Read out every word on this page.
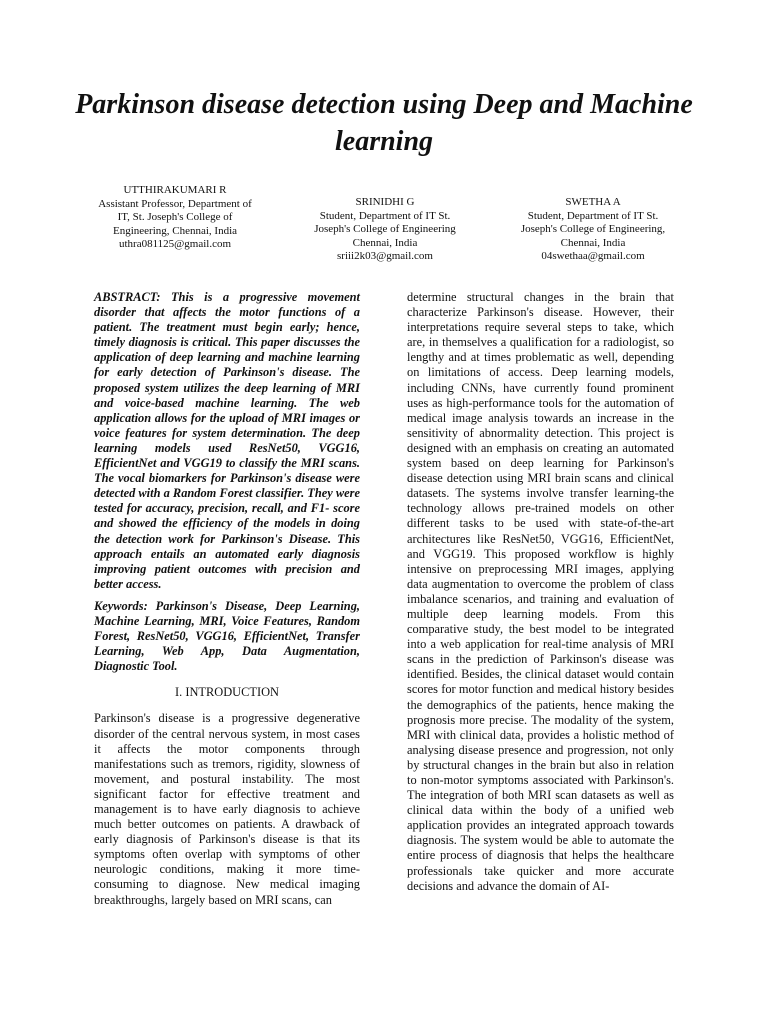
Parkinson disease detection using Deep and Machine learning
UTTHIRAKUMARI R
Assistant Professor, Department of
IT, St. Joseph's College of
Engineering, Chennai, India
uthra081125@gmail.com
SRINIDHI G
Student, Department of IT St.
Joseph's College of Engineering
Chennai, India
sriii2k03@gmail.com
SWETHA A
Student, Department of IT St.
Joseph's College of Engineering,
Chennai, India
04swethaa@gmail.com

ABSTRACT: This is a progressive movement disorder that affects the motor functions of a patient. The treatment must begin early; hence, timely diagnosis is critical. This paper discusses the application of deep learning and machine learning for early detection of Parkinson's disease. The proposed system utilizes the deep learning of MRI and voice-based machine learning. The web application allows for the upload of MRI images or voice features for system determination. The deep learning models used ResNet50, VGG16, EfficientNet and VGG19 to classify the MRI scans. The vocal biomarkers for Parkinson's disease were detected with a Random Forest classifier. They were tested for accuracy, precision, recall, and F1- score and showed the efficiency of the models in doing the detection work for Parkinson's Disease. This approach entails an automated early diagnosis improving patient outcomes with precision and better access.

Keywords: Parkinson's Disease, Deep Learning, Machine Learning, MRI, Voice Features, Random Forest, ResNet50, VGG16, EfficientNet, Transfer Learning, Web App, Data Augmentation, Diagnostic Tool.

I. INTRODUCTION

Parkinson's disease is a progressive degenerative disorder of the central nervous system, in most cases it affects the motor components through manifestations such as tremors, rigidity, slowness of movement, and postural instability. The most significant factor for effective treatment and management is to have early diagnosis to achieve much better outcomes on patients. A drawback of early diagnosis of Parkinson's disease is that its symptoms often overlap with symptoms of other neurologic conditions, making it more time-consuming to diagnose. New medical imaging breakthroughs, largely based on MRI scans, can

determine structural changes in the brain that characterize Parkinson's disease. However, their interpretations require several steps to take, which are, in themselves a qualification for a radiologist, so lengthy and at times problematic as well, depending on limitations of access. Deep learning models, including CNNs, have currently found prominent uses as high-performance tools for the automation of medical image analysis towards an increase in the sensitivity of abnormality detection. This project is designed with an emphasis on creating an automated system based on deep learning for Parkinson's disease detection using MRI brain scans and clinical datasets. The systems involve transfer learning-the technology allows pre-trained models on other different tasks to be used with state-of-the-art architectures like ResNet50, VGG16, EfficientNet, and VGG19. This proposed workflow is highly intensive on preprocessing MRI images, applying data augmentation to overcome the problem of class imbalance scenarios, and training and evaluation of multiple deep learning models. From this comparative study, the best model to be integrated into a web application for real-time analysis of MRI scans in the prediction of Parkinson's disease was identified. Besides, the clinical dataset would contain scores for motor function and medical history besides the demographics of the patients, hence making the prognosis more precise. The modality of the system, MRI with clinical data, provides a holistic method of analysing disease presence and progression, not only by structural changes in the brain but also in relation to non-motor symptoms associated with Parkinson's. The integration of both MRI scan datasets as well as clinical data within the body of a unified web application provides an integrated approach towards diagnosis. The system would be able to automate the entire process of diagnosis that helps the healthcare professionals take quicker and more accurate decisions and advance the domain of AI-
